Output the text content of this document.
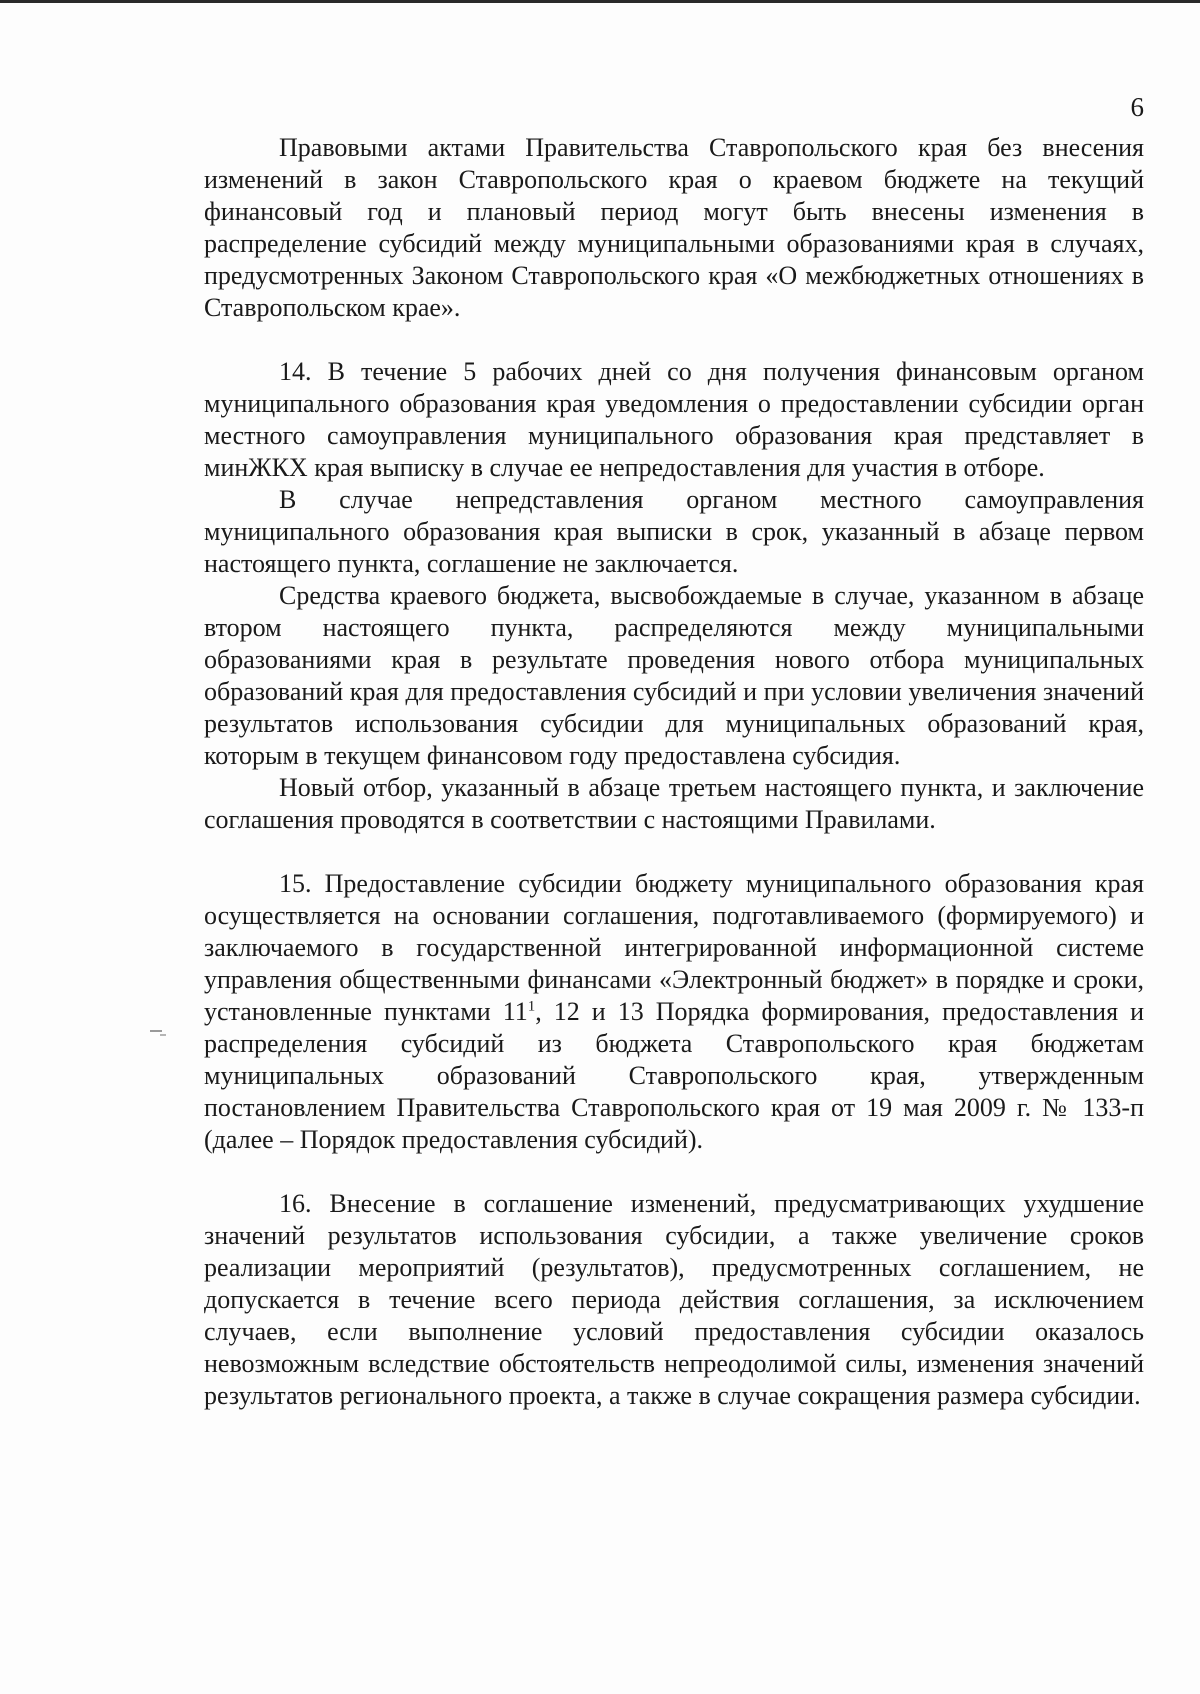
6

Правовыми актами Правительства Ставропольского края без внесения изменений в закон Ставропольского края о краевом бюджете на текущий финансовый год и плановый период могут быть внесены изменения в распределение субсидий между муниципальными образованиями края в случаях, предусмотренных Законом Ставропольского края «О межбюджетных отношениях в Ставропольском крае».

14. В течение 5 рабочих дней со дня получения финансовым органом муниципального образования края уведомления о предоставлении субсидии орган местного самоуправления муниципального образования края представляет в минЖКХ края выписку в случае ее непредоставления для участия в отборе.

В случае непредставления органом местного самоуправления муниципального образования края выписки в срок, указанный в абзаце первом настоящего пункта, соглашение не заключается.

Средства краевого бюджета, высвобождаемые в случае, указанном в абзаце втором настоящего пункта, распределяются между муниципальными образованиями края в результате проведения нового отбора муниципальных образований края для предоставления субсидий и при условии увеличения значений результатов использования субсидии для муниципальных образований края, которым в текущем финансовом году предоставлена субсидия.

Новый отбор, указанный в абзаце третьем настоящего пункта, и заключение соглашения проводятся в соответствии с настоящими Правилами.

15. Предоставление субсидии бюджету муниципального образования края осуществляется на основании соглашения, подготавливаемого (формируемого) и заключаемого в государственной интегрированной информационной системе управления общественными финансами «Электронный бюджет» в порядке и сроки, установленные пунктами $11^1$, 12 и 13 Порядка формирования, предоставления и распределения субсидий из бюджета Ставропольского края бюджетам муниципальных образований Ставропольского края, утвержденным постановлением Правительства Ставропольского края от 19 мая 2009 г. № 133-п (далее – Порядок предоставления субсидий).

16. Внесение в соглашение изменений, предусматривающих ухудшение значений результатов использования субсидии, а также увеличение сроков реализации мероприятий (результатов), предусмотренных соглашением, не допускается в течение всего периода действия соглашения, за исключением случаев, если выполнение условий предоставления субсидии оказалось невозможным вследствие обстоятельств непреодолимой силы, изменения значений результатов регионального проекта, а также в случае сокращения размера субсидии.
